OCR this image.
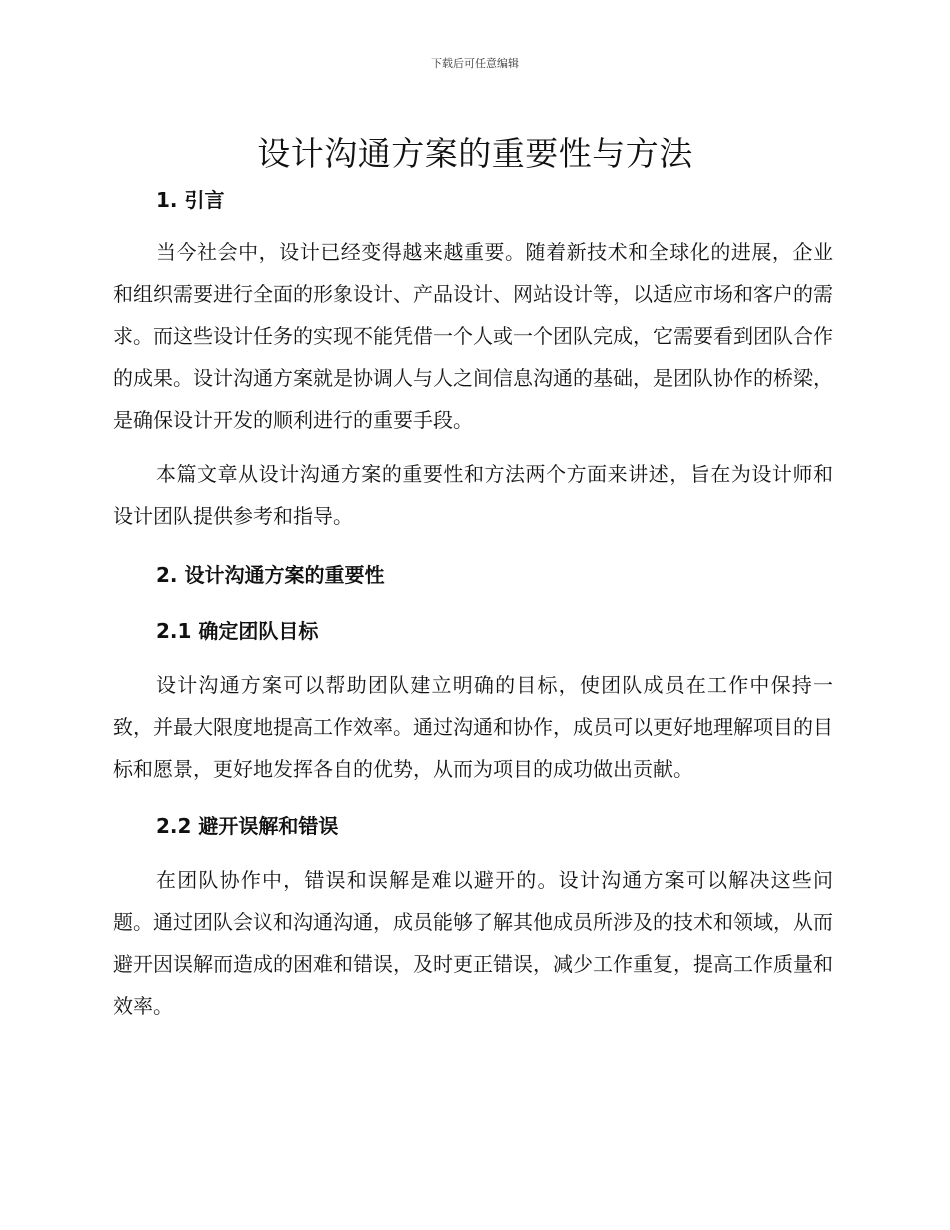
下载后可任意编辑
设计沟通方案的重要性与方法
1. 引言

当今社会中，设计已经变得越来越重要。随着新技术和全球化的进展，企业和组织需要进行全面的形象设计、产品设计、网站设计等，以适应市场和客户的需求。而这些设计任务的实现不能凭借一个人或一个团队完成，它需要看到团队合作的成果。设计沟通方案就是协调人与人之间信息沟通的基础，是团队协作的桥梁，是确保设计开发的顺利进行的重要手段。

本篇文章从设计沟通方案的重要性和方法两个方面来讲述，旨在为设计师和设计团队提供参考和指导。

2. 设计沟通方案的重要性
2.1 确定团队目标

设计沟通方案可以帮助团队建立明确的目标，使团队成员在工作中保持一致，并最大限度地提高工作效率。通过沟通和协作，成员可以更好地理解项目的目标和愿景，更好地发挥各自的优势，从而为项目的成功做出贡献。

2.2 避开误解和错误

在团队协作中，错误和误解是难以避开的。设计沟通方案可以解决这些问题。通过团队会议和沟通沟通，成员能够了解其他成员所涉及的技术和领域，从而避开因误解而造成的困难和错误，及时更正错误，减少工作重复，提高工作质量和效率。
